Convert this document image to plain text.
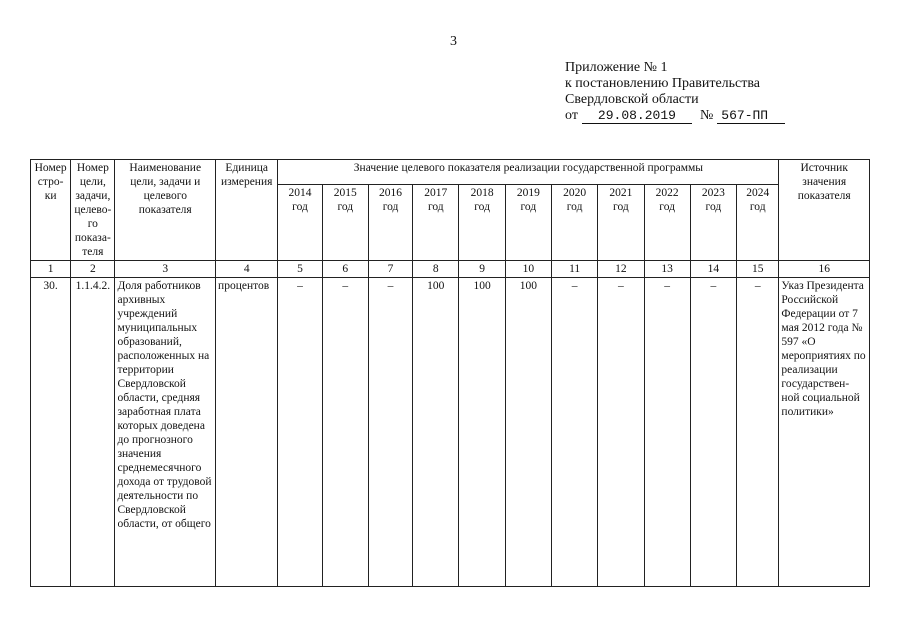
3
Приложение № 1
к постановлению Правительства
Свердловской области
от	29.08.2019	№ 567-ПП
Номер стро-ки	Номер цели, задачи, целево-го показа-теля	Наименование цели, задачи и целевого показателя	Единица измерения	Значение целевого показателя реализации государственной программы											Источник значения показателя
				2014 год	2015 год	2016 год	2017 год	2018 год	2019 год	2020 год	2021 год	2022 год	2023 год	2024 год	
1	2	3	4	5	6	7	8	9	10	11	12	13	14	15	16
30.	1.1.4.2.	Доля работников архивных учреждений муниципальных образований, расположенных на территории Свердловской области, средняя заработная плата которых доведена до прогнозного значения среднемесячного дохода от трудовой деятельности по Свердловской области, от общего	процентов	–	–	–	100	100	100	–	–	–	–	–	Указ Президента Российской Федерации от 7 мая 2012 года № 597 «О мероприятиях по реализации государствен-ной социальной политики»
